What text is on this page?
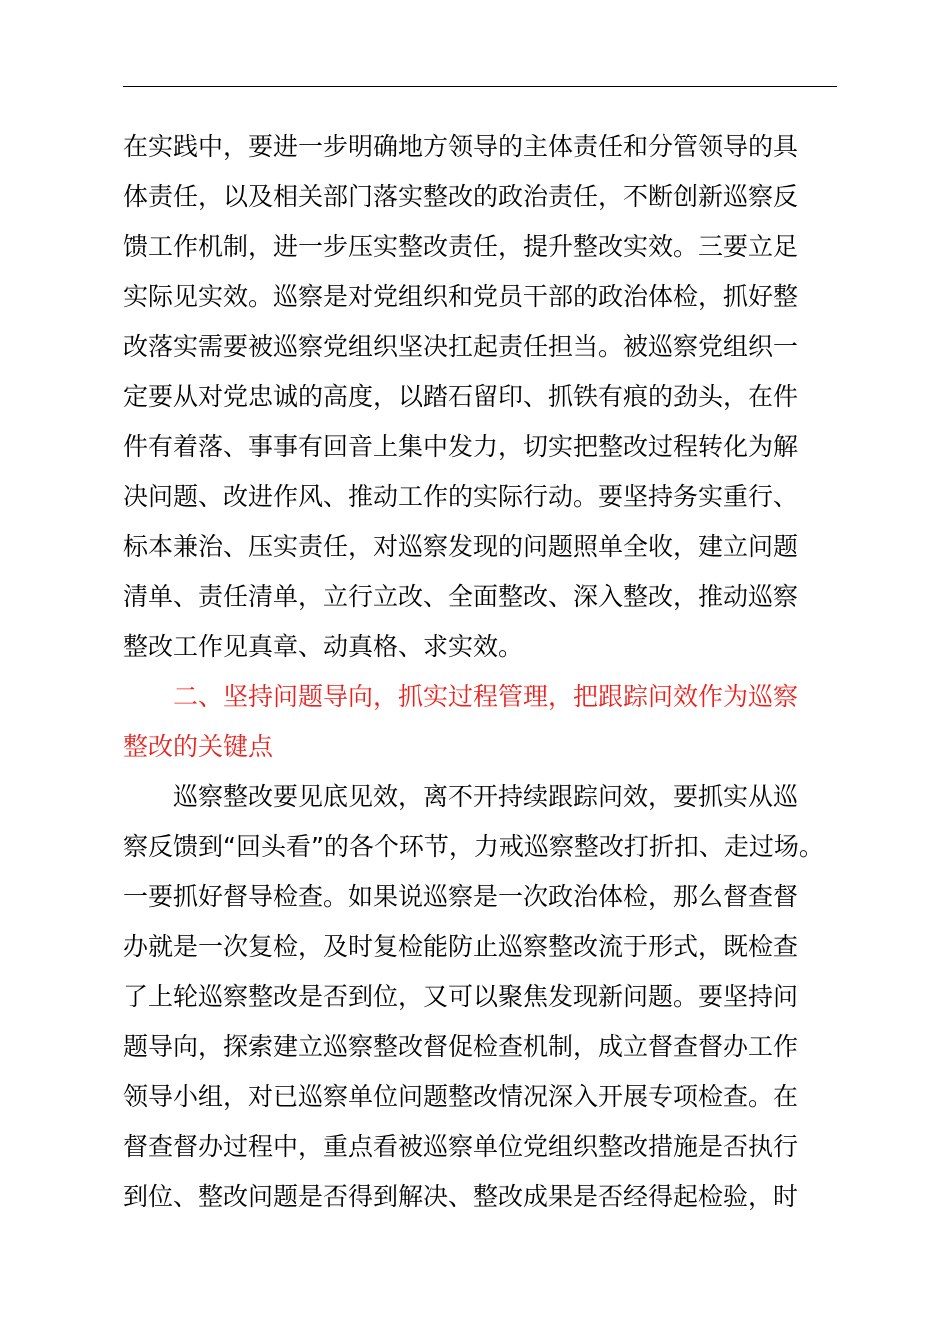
在实践中，要进一步明确地方领导的主体责任和分管领导的具
体责任，以及相关部门落实整改的政治责任，不断创新巡察反
馈工作机制，进一步压实整改责任，提升整改实效。三要立足
实际见实效。巡察是对党组织和党员干部的政治体检，抓好整
改落实需要被巡察党组织坚决扛起责任担当。被巡察党组织一
定要从对党忠诚的高度，以踏石留印、抓铁有痕的劲头，在件
件有着落、事事有回音上集中发力，切实把整改过程转化为解
决问题、改进作风、推动工作的实际行动。要坚持务实重行、
标本兼治、压实责任，对巡察发现的问题照单全收，建立问题
清单、责任清单，立行立改、全面整改、深入整改，推动巡察
整改工作见真章、动真格、求实效。
二、坚持问题导向，抓实过程管理，把跟踪问效作为巡察
整改的关键点
巡察整改要见底见效，离不开持续跟踪问效，要抓实从巡
察反馈到“回头看”的各个环节，力戒巡察整改打折扣、走过场。
一要抓好督导检查。如果说巡察是一次政治体检，那么督查督
办就是一次复检，及时复检能防止巡察整改流于形式，既检查
了上轮巡察整改是否到位，又可以聚焦发现新问题。要坚持问
题导向，探索建立巡察整改督促检查机制，成立督查督办工作
领导小组，对已巡察单位问题整改情况深入开展专项检查。在
督查督办过程中，重点看被巡察单位党组织整改措施是否执行
到位、整改问题是否得到解决、整改成果是否经得起检验，时
